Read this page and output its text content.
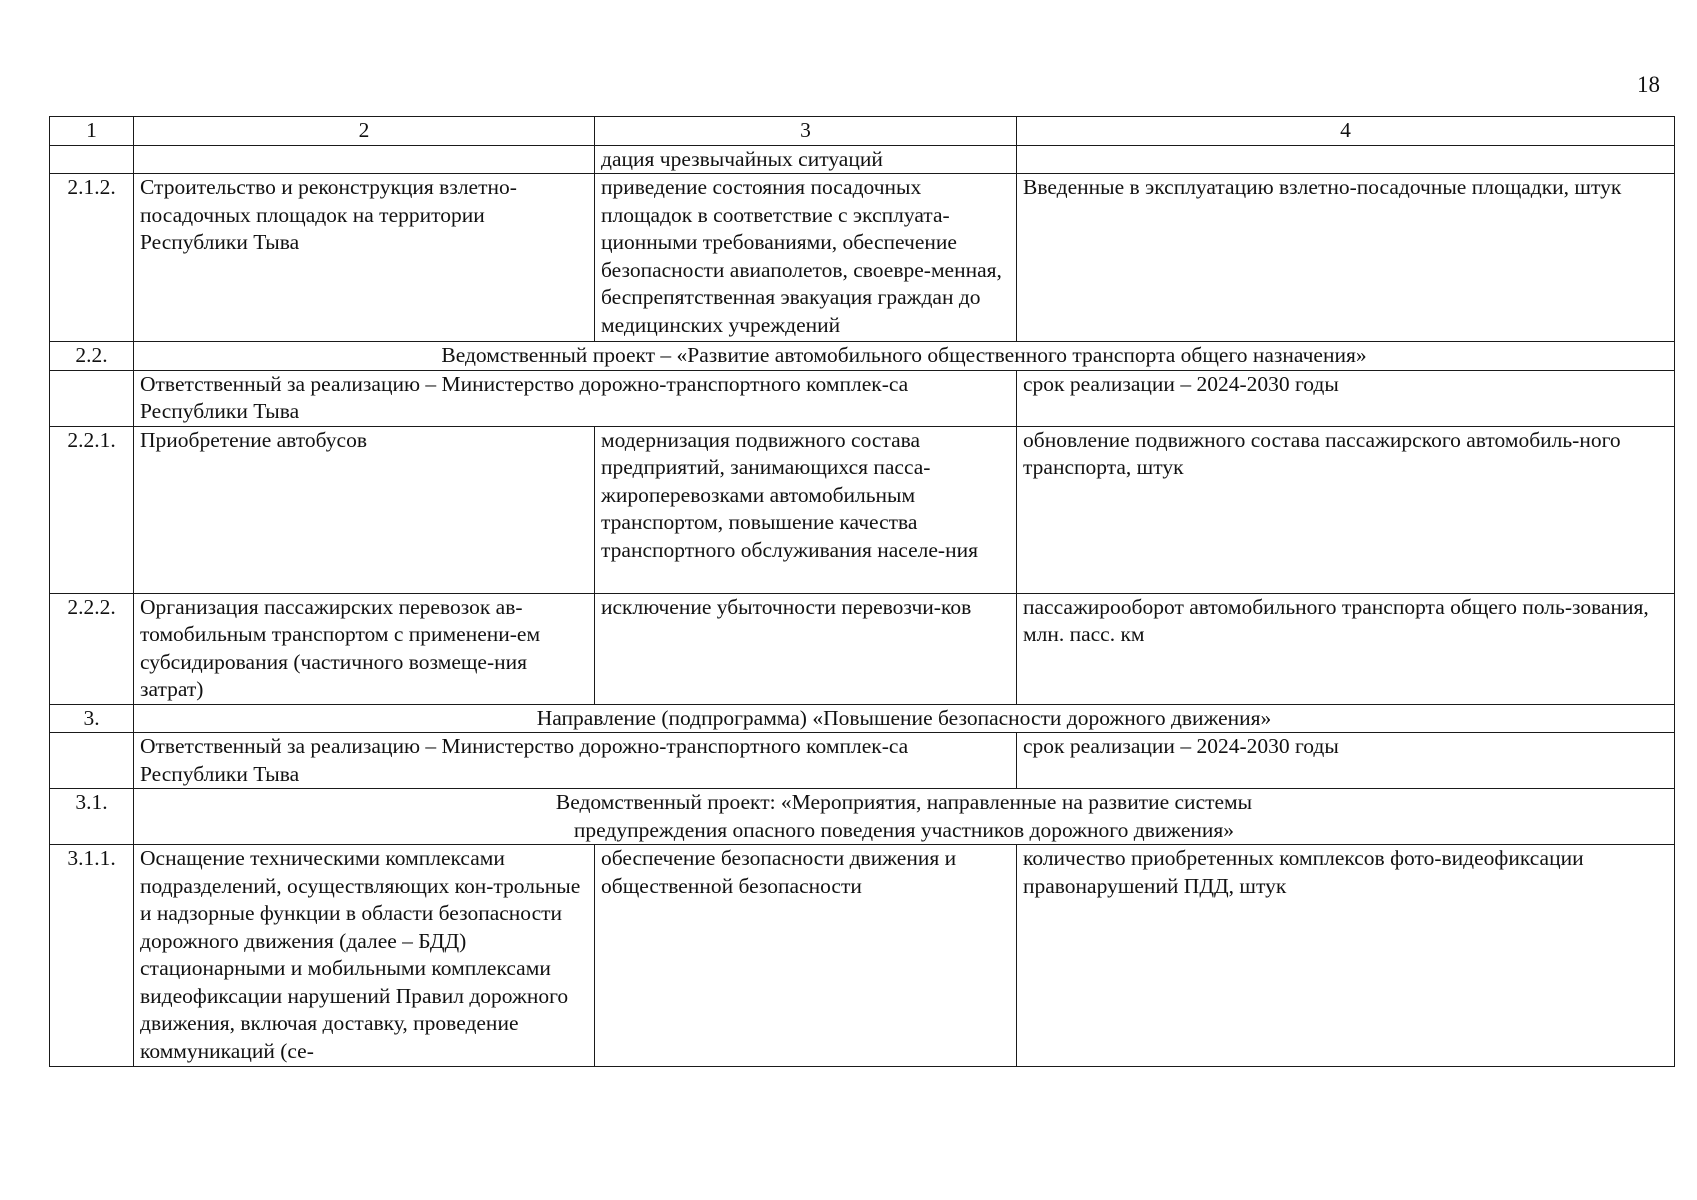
18
1	2	3	4
		дация чрезвычайных ситуаций	
2.1.2.	Строительство и реконструкция взлетно-посадочных площадок на территории Республики Тыва	приведение состояния посадочных площадок в соответствие с эксплуата-ционными требованиями, обеспечение безопасности авиаполетов, своевре-менная, беспрепятственная эвакуация граждан до медицинских учреждений	Введенные в эксплуатацию взлетно-посадочные площадки, штук
2.2.	Ведомственный проект – «Развитие автомобильного общественного транспорта общего назначения»		
	Ответственный за реализацию – Министерство дорожно-транспортного комплек-са Республики Тыва		срок реализации – 2024-2030 годы
2.2.1.	Приобретение автобусов	модернизация подвижного состава предприятий, занимающихся пасса-жироперевозками автомобильным транспортом, повышение качества транспортного обслуживания населе-ния	обновление подвижного состава пассажирского автомобиль-ного транспорта, штук
2.2.2.	Организация пассажирских перевозок ав-томобильным транспортом с применени-ем субсидирования (частичного возмеще-ния затрат)	исключение убыточности перевозчи-ков	пассажирооборот автомобильного транспорта общего поль-зования, млн. пасс. км
3.	Направление (подпрограмма) «Повышение безопасности дорожного движения»		
	Ответственный за реализацию – Министерство дорожно-транспортного комплек-са Республики Тыва		срок реализации – 2024-2030 годы
3.1.	Ведомственный проект: «Мероприятия, направленные на развитие системы
предупреждения опасного поведения участников дорожного движения»		

3.1.1.	Оснащение техническими комплексами подразделений, осуществляющих кон-трольные и надзорные функции в области безопасности дорожного движения (далее – БДД) стационарными и мобильными комплексами видеофиксации нарушений Правил дорожного движения, включая доставку, проведение коммуникаций (се-	обеспечение безопасности движения и общественной безопасности	количество приобретенных комплексов фото-видеофиксации правонарушений ПДД, штук
